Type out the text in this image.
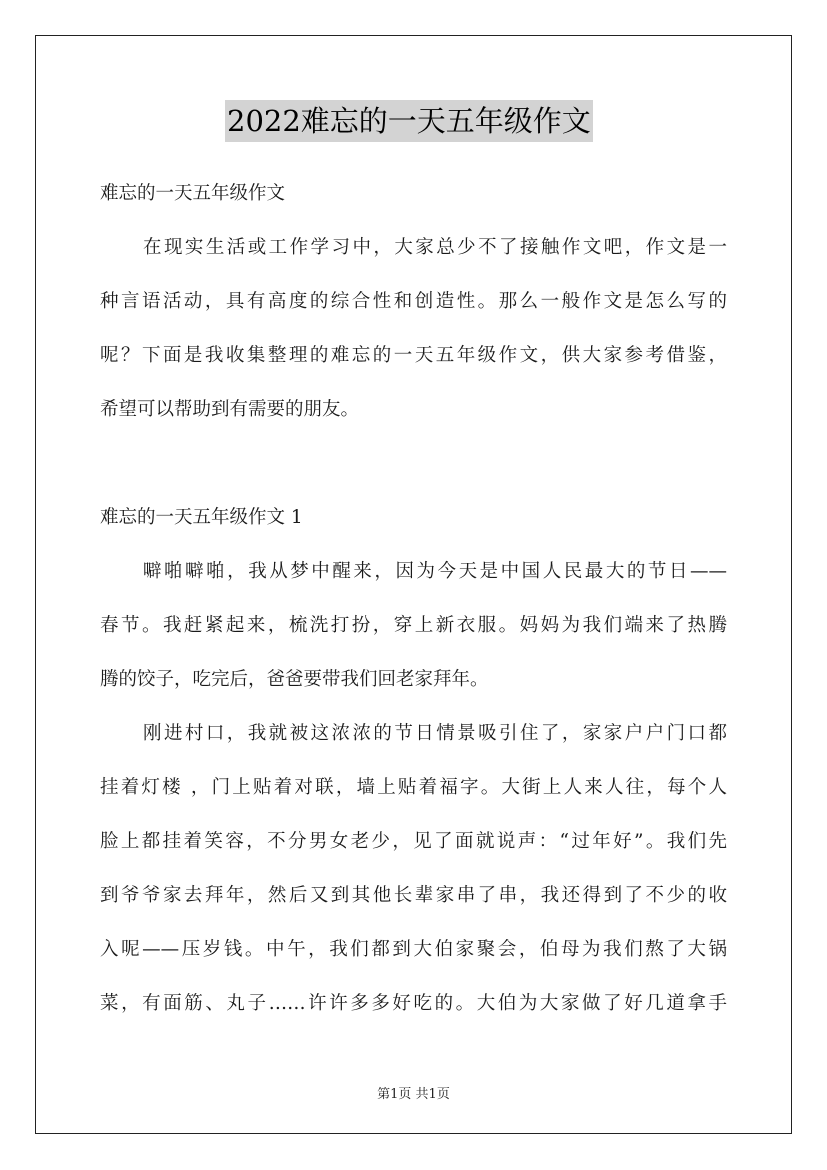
2022难忘的一天五年级作文
难忘的一天五年级作文
在现实生活或工作学习中，大家总少不了接触作文吧，作文是一
种言语活动，具有高度的综合性和创造性。那么一般作文是怎么写的
呢？下面是我收集整理的难忘的一天五年级作文，供大家参考借鉴，
希望可以帮助到有需要的朋友。
难忘的一天五年级作文 1
噼啪噼啪，我从梦中醒来，因为今天是中国人民最大的节日——
春节。我赶紧起来，梳洗打扮，穿上新衣服。妈妈为我们端来了热腾
腾的饺子，吃完后，爸爸要带我们回老家拜年。
刚进村口，我就被这浓浓的节日情景吸引住了，家家户户门口都
挂着灯楼 ，门上贴着对联，墙上贴着福字。大街上人来人往，每个人
脸上都挂着笑容，不分男女老少，见了面就说声：“过年好”。我们先
到爷爷家去拜年，然后又到其他长辈家串了串，我还得到了不少的收
入呢——压岁钱。中午，我们都到大伯家聚会，伯母为我们熬了大锅
菜，有面筋、丸子……许许多多好吃的。大伯为大家做了好几道拿手
第1页 共1页
